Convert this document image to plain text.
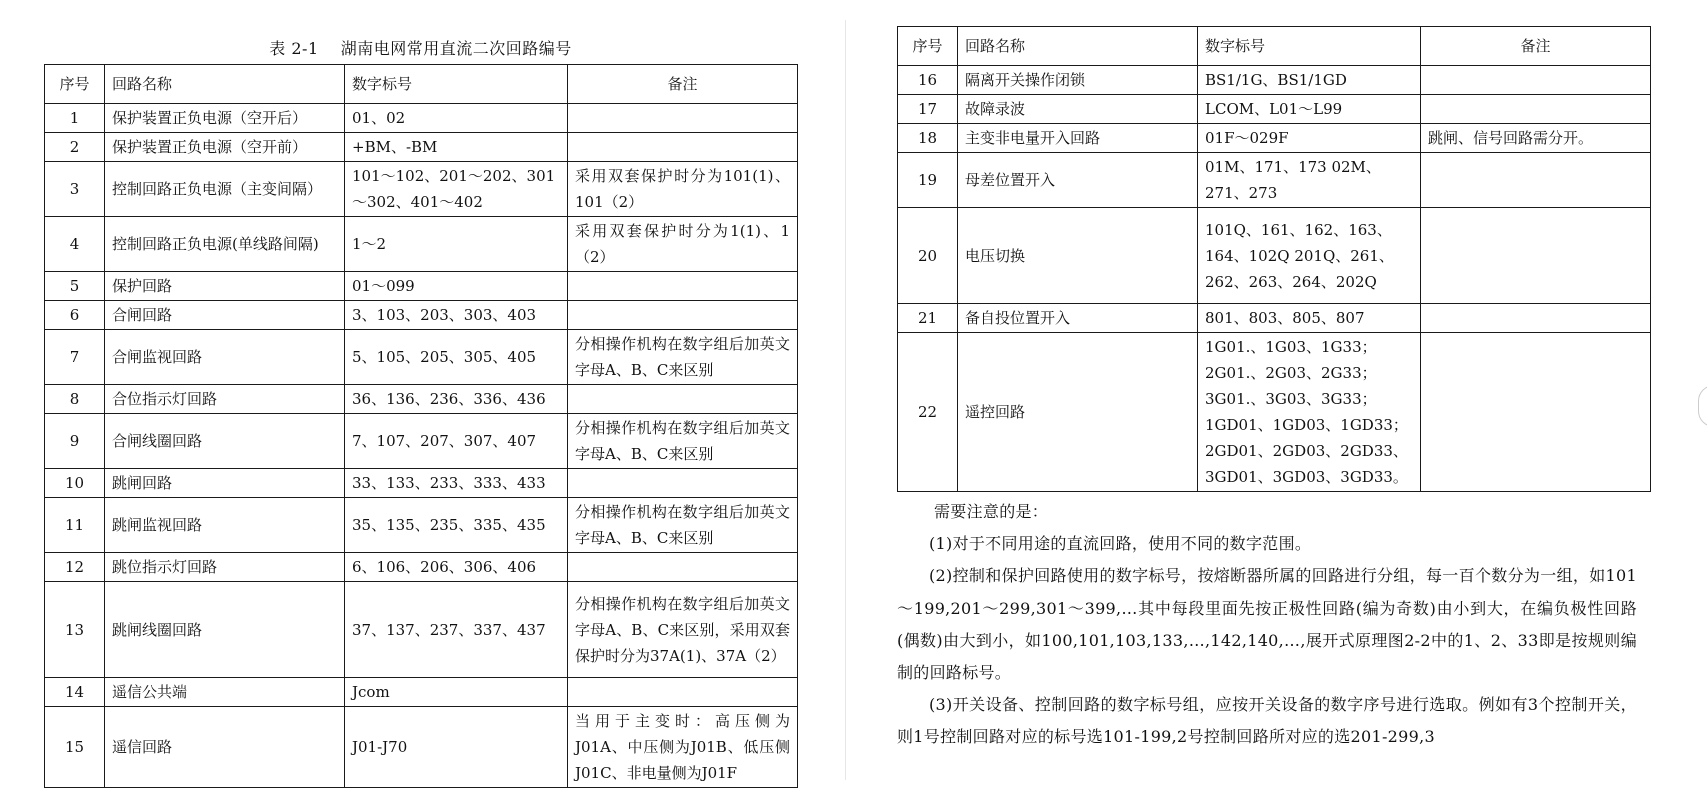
表 2-1　 湖南电网常用直流二次回路编号
序号	回路名称	数字标号	备注
1	保护装置正负电源（空开后）	01、02	
2	保护装置正负电源（空开前）	+BM、-BM	
3	控制回路正负电源（主变间隔）	101～102、201～202、301～302、401～402	采用双套保护时分为101(1)、101（2）
4	控制回路正负电源(单线路间隔)	1～2	采用双套保护时分为1(1)、1（2）
5	保护回路	01～099	
6	合闸回路	3、103、203、303、403	
7	合闸监视回路	5、105、205、305、405	分相操作机构在数字组后加英文字母A、B、C来区别
8	合位指示灯回路	36、136、236、336、436	
9	合闸线圈回路	7、107、207、307、407	分相操作机构在数字组后加英文字母A、B、C来区别
10	跳闸回路	33、133、233、333、433	
11	跳闸监视回路	35、135、235、335、435	分相操作机构在数字组后加英文字母A、B、C来区别
12	跳位指示灯回路	6、106、206、306、406	
13	跳闸线圈回路	37、137、237、337、437	分相操作机构在数字组后加英文字母A、B、C来区别，采用双套保护时分为37A(1)、37A（2）
14	遥信公共端	Jcom	
15	遥信回路	J01-J70	当用于主变时：高压侧为J01A、中压侧为J01B、低压侧J01C、非电量侧为J01F
序号	回路名称	数字标号	备注
16	隔离开关操作闭锁	BS1/1G、BS1/1GD	
17	故障录波	LCOM、L01～L99	
18	主变非电量开入回路	01F～029F	跳闸、信号回路需分开。
19	母差位置开入	01M、171、173 02M、271、273	
20	电压切换	101Q、161、162、163、164、102Q 201Q、261、262、263、264、202Q	
21	备自投位置开入	801、803、805、807	
22	遥控回路	1G01.、1G03、1G33；2G01.、2G03、2G33；3G01.、3G03、3G33；1GD01、1GD03、1GD33；2GD01、2GD03、2GD33、3GD01、3GD03、3GD33。	

需要注意的是：

(1)对于不同用途的直流回路，使用不同的数字范围。

(2)控制和保护回路使用的数字标号，按熔断器所属的回路进行分组，每一百个数分为一组，如101～199,201～299,301～399,…其中每段里面先按正极性回路(编为奇数)由小到大，在编负极性回路(偶数)由大到小，如100,101,103,133,…,142,140,…,展开式原理图2-2中的1、2、33即是按规则编制的回路标号。

(3)开关设备、控制回路的数字标号组，应按开关设备的数字序号进行选取。例如有3个控制开关，则1号控制回路对应的标号选101-199,2号控制回路所对应的选201-299,3
